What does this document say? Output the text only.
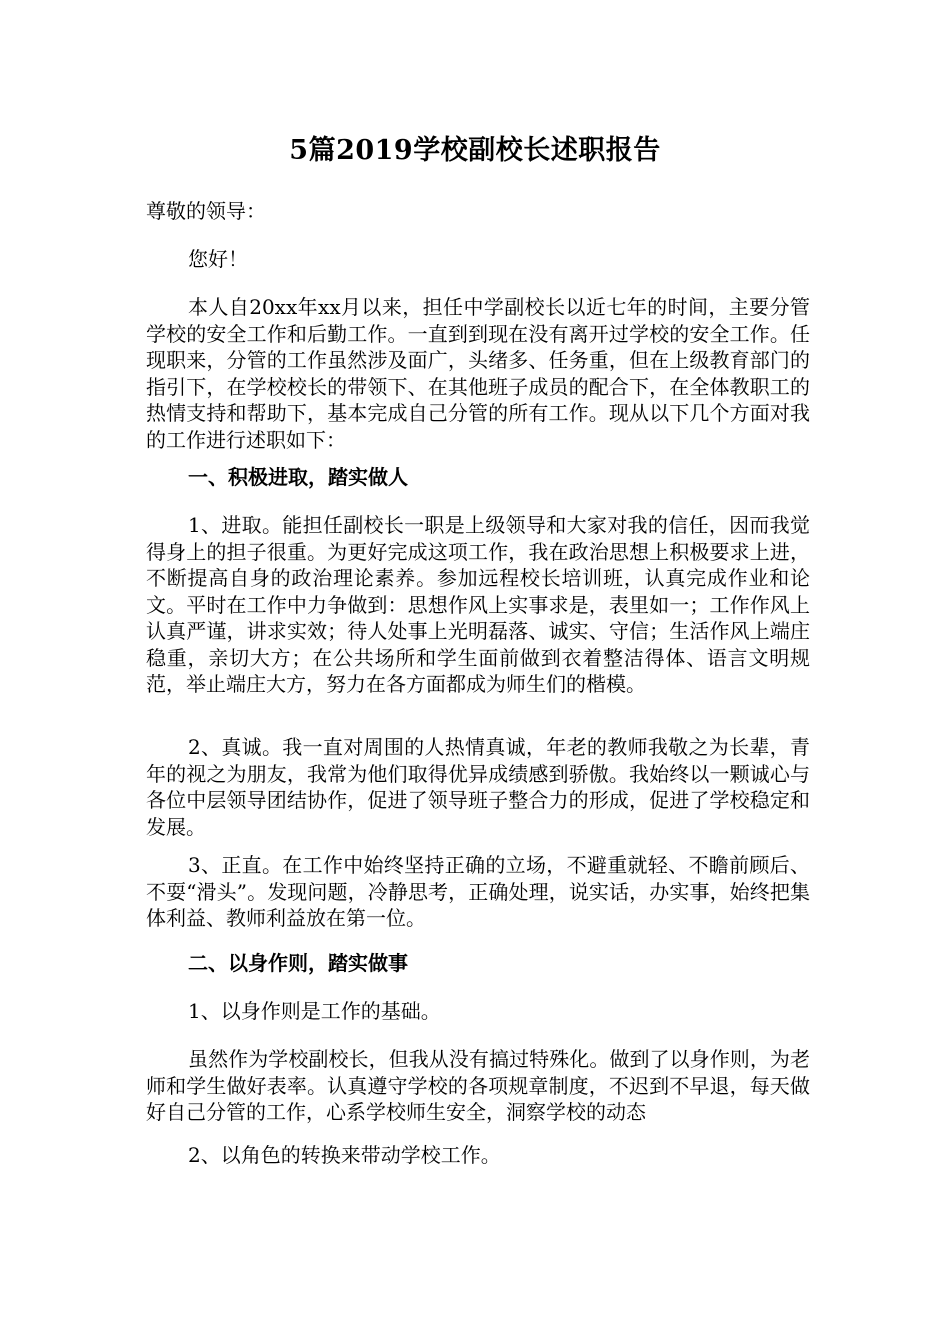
5篇2019学校副校长述职报告

尊敬的领导：

您好！

本人自20xx年xx月以来，担任中学副校长以近七年的时间，主要分管学校的安全工作和后勤工作。一直到到现在没有离开过学校的安全工作。任现职来，分管的工作虽然涉及面广，头绪多、任务重，但在上级教育部门的指引下，在学校校长的带领下、在其他班子成员的配合下，在全体教职工的热情支持和帮助下，基本完成自己分管的所有工作。现从以下几个方面对我的工作进行述职如下：

一、积极进取，踏实做人

1、进取。能担任副校长一职是上级领导和大家对我的信任，因而我觉得身上的担子很重。为更好完成这项工作，我在政治思想上积极要求上进，不断提高自身的政治理论素养。参加远程校长培训班，认真完成作业和论文。平时在工作中力争做到：思想作风上实事求是，表里如一；工作作风上认真严谨，讲求实效；待人处事上光明磊落、诚实、守信；生活作风上端庄稳重，亲切大方；在公共场所和学生面前做到衣着整洁得体、语言文明规范，举止端庄大方，努力在各方面都成为师生们的楷模。

2、真诚。我一直对周围的人热情真诚，年老的教师我敬之为长辈，青年的视之为朋友，我常为他们取得优异成绩感到骄傲。我始终以一颗诚心与各位中层领导团结协作，促进了领导班子整合力的形成，促进了学校稳定和发展。

3、正直。在工作中始终坚持正确的立场，不避重就轻、不瞻前顾后、不耍“滑头”。发现问题，冷静思考，正确处理，说实话，办实事，始终把集体利益、教师利益放在第一位。

二、以身作则，踏实做事

1、以身作则是工作的基础。

虽然作为学校副校长，但我从没有搞过特殊化。做到了以身作则，为老师和学生做好表率。认真遵守学校的各项规章制度，不迟到不早退，每天做好自己分管的工作，心系学校师生安全，洞察学校的动态

2、以角色的转换来带动学校工作。
